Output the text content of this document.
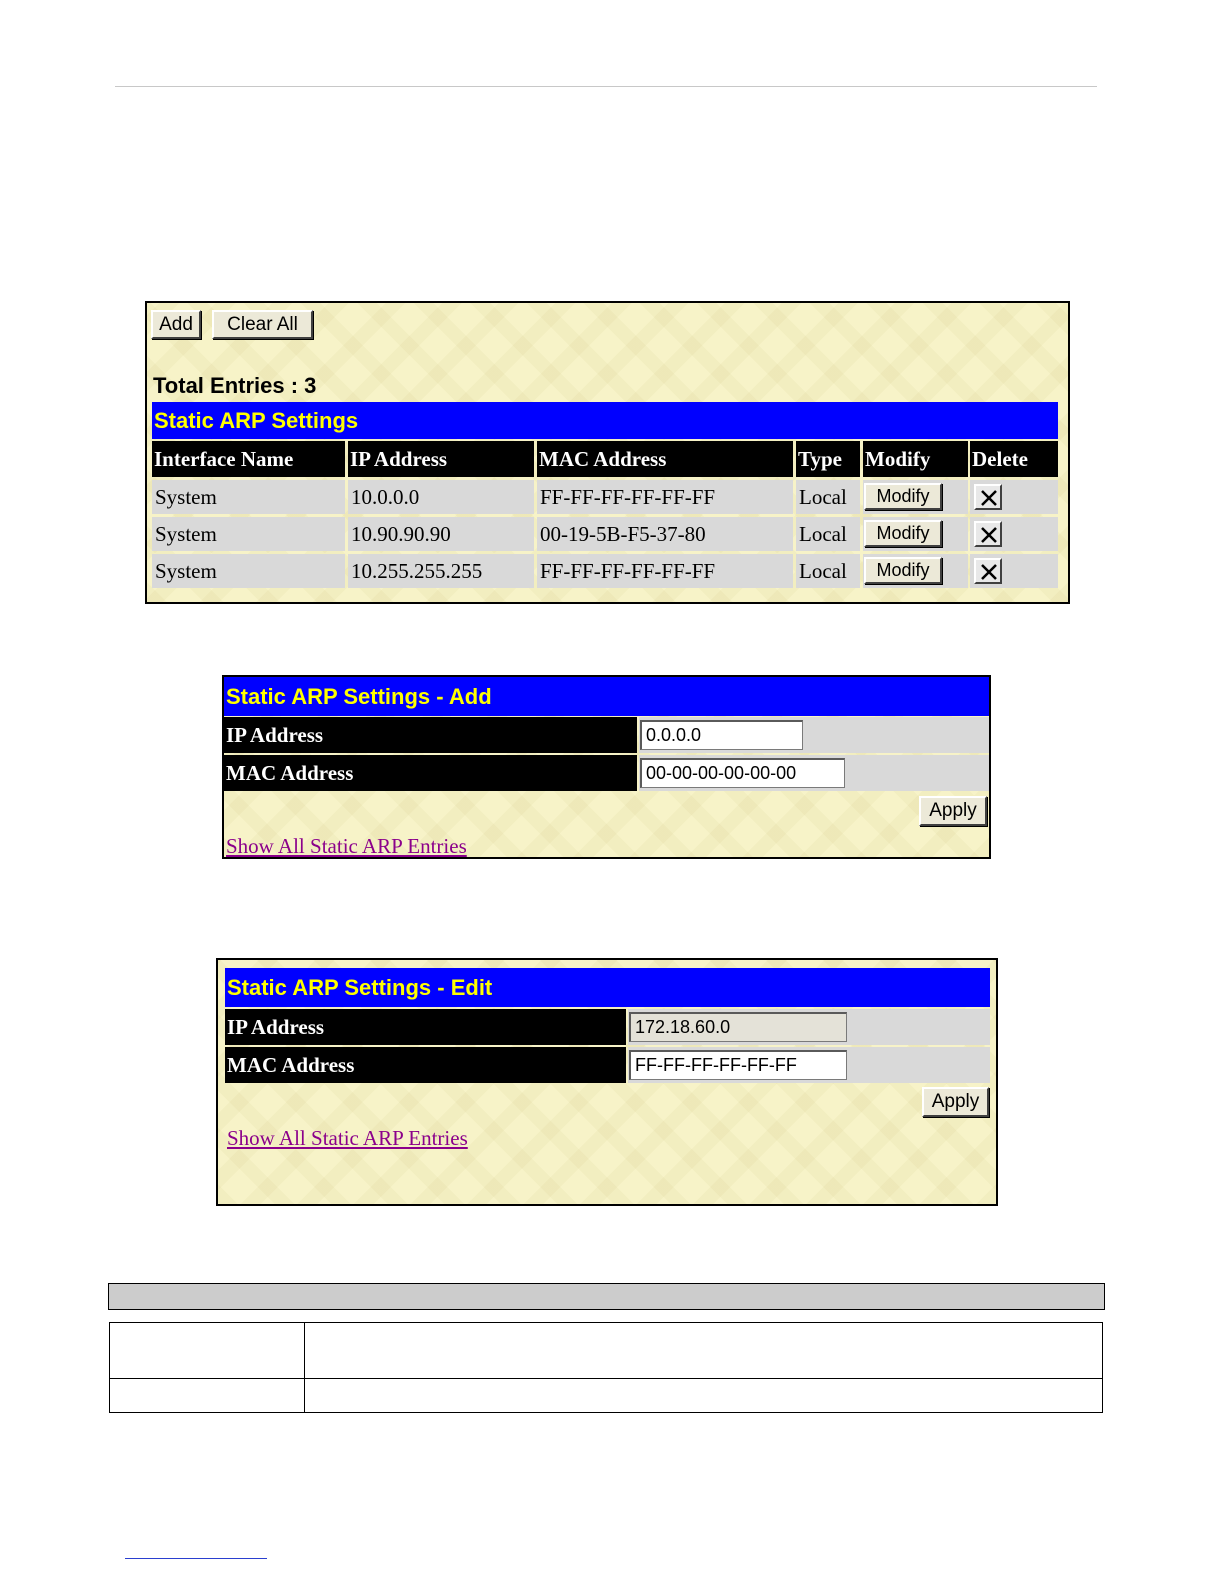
Add	Clear All
Total Entries : 3
Static ARP Settings
Interface Name	IP Address	MAC Address	Type	Modify	Delete
System	10.0.0.0	FF-FF-FF-FF-FF-FF	Local	Modify
System	10.90.90.90	00-19-5B-F5-37-80	Local	Modify
System	10.255.255.255	FF-FF-FF-FF-FF-FF	Local	Modify
Static ARP Settings - Add
IP Address
0.0.0.0
MAC Address
00-00-00-00-00-00
Apply
Show All Static ARP Entries
Static ARP Settings - Edit
IP Address
172.18.60.0
MAC Address
FF-FF-FF-FF-FF-FF
Apply
Show All Static ARP Entries
